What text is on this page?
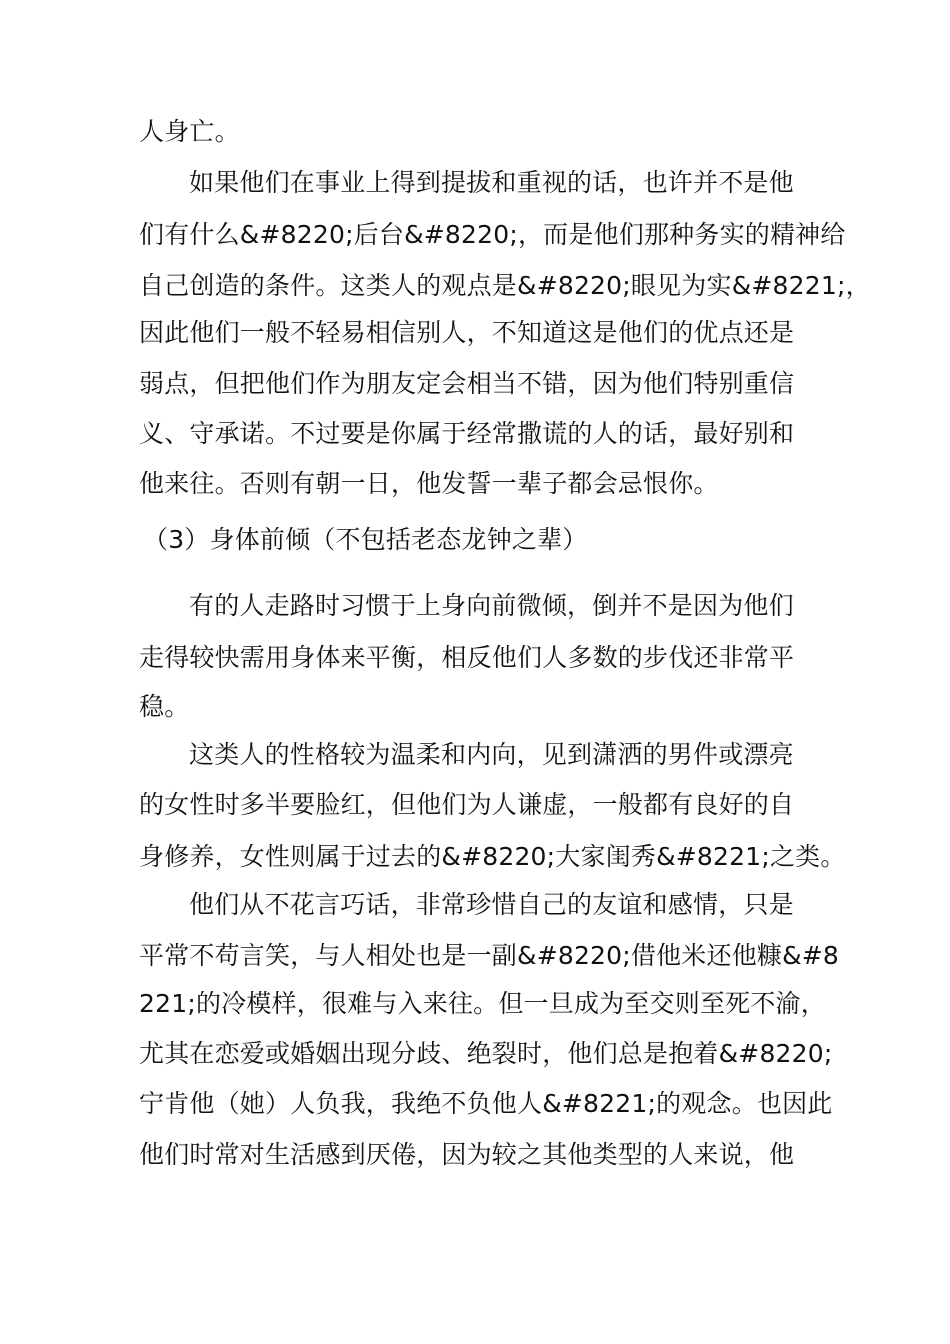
人身亡。
如果他们在事业上得到提拔和重视的话，也许并不是他
们有什么&#8220;后台&#8220;，而是他们那种务实的精神给
自己创造的条件。这类人的观点是&#8220;眼见为实&#8221;，
因此他们一般不轻易相信别人，不知道这是他们的优点还是
弱点，但把他们作为朋友定会相当不错，因为他们特别重信
义、守承诺。不过要是你属于经常撒谎的人的话，最好别和
他来往。否则有朝一日，他发誓一辈子都会忌恨你。
（3）身体前倾（不包括老态龙钟之辈）
有的人走路时习惯于上身向前微倾，倒并不是因为他们
走得较快需用身体来平衡，相反他们人多数的步伐还非常平
稳。
这类人的性格较为温柔和内向，见到潇洒的男件或漂亮
的女性时多半要脸红，但他们为人谦虚，一般都有良好的自
身修养，女性则属于过去的&#8220;大家闺秀&#8221;之类。
他们从不花言巧话，非常珍惜自己的友谊和感情，只是
平常不苟言笑，与人相处也是一副&#8220;借他米还他糠&#8
221;的冷模样，很难与入来往。但一旦成为至交则至死不渝，
尤其在恋爱或婚姻出现分歧、绝裂时，他们总是抱着&#8220;
宁肯他（她）人负我，我绝不负他人&#8221;的观念。也因此
他们时常对生活感到厌倦，因为较之其他类型的人来说，他
